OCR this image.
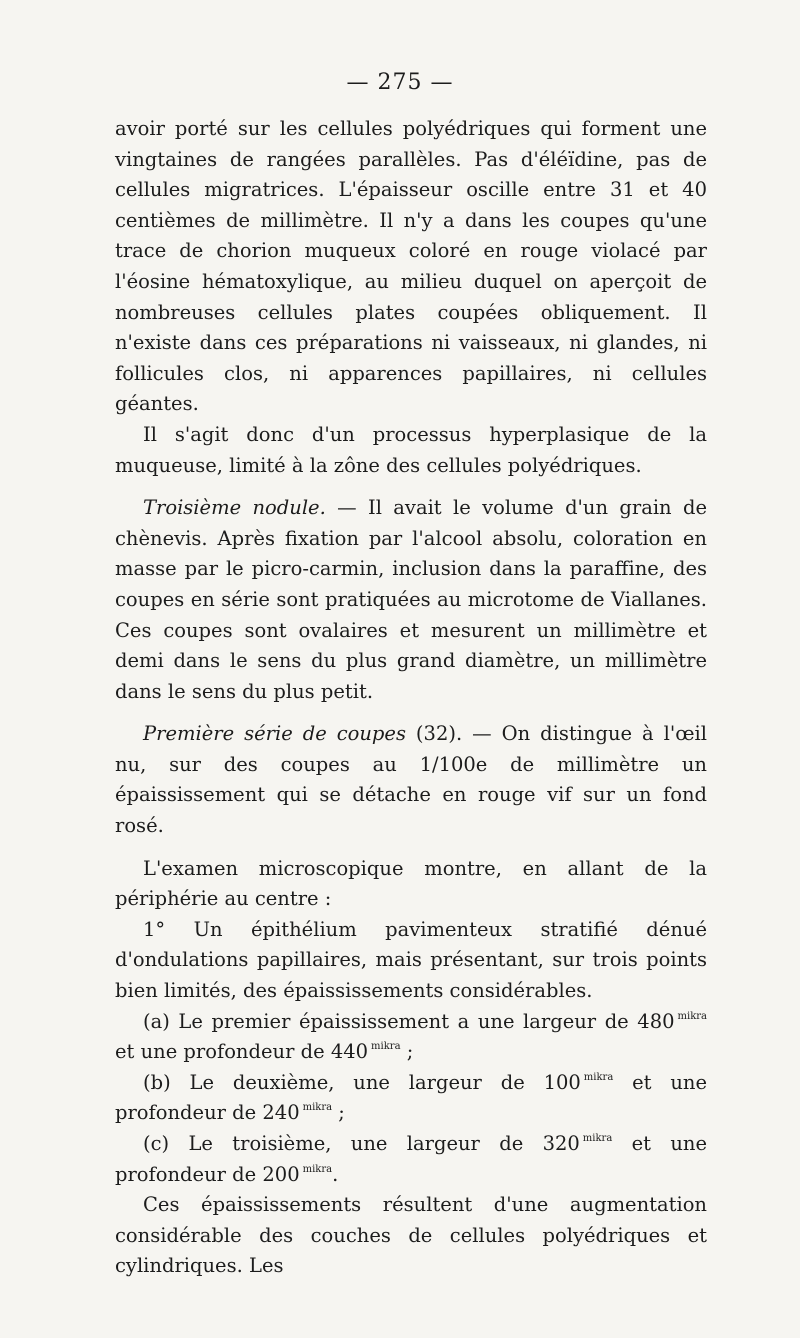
— 275 —

avoir porté sur les cellules polyédriques qui forment une vingtaines de rangées parallèles. Pas d'éléïdine, pas de cellules migratrices. L'épaisseur oscille entre 31 et 40 centièmes de millimètre. Il n'y a dans les coupes qu'une trace de chorion muqueux coloré en rouge violacé par l'éosine hématoxylique, au milieu duquel on aperçoit de nombreuses cellules plates coupées obliquement. Il n'existe dans ces préparations ni vaisseaux, ni glandes, ni follicules clos, ni apparences papillaires, ni cellules géantes.

Il s'agit donc d'un processus hyperplasique de la muqueuse, limité à la zône des cellules polyédriques.

Troisième nodule. — Il avait le volume d'un grain de chènevis. Après fixation par l'alcool absolu, coloration en masse par le picro-carmin, inclusion dans la paraffine, des coupes en série sont pratiquées au microtome de Viallanes. Ces coupes sont ovalaires et mesurent un millimètre et demi dans le sens du plus grand diamètre, un millimètre dans le sens du plus petit.

Première série de coupes (32). — On distingue à l'œil nu, sur des coupes au 1/100e de millimètre un épaississement qui se détache en rouge vif sur un fond rosé.

L'examen microscopique montre, en allant de la périphérie au centre :

1° Un épithélium pavimenteux stratifié dénué d'ondulations papillaires, mais présentant, sur trois points bien limités, des épaississements considérables.

(a) Le premier épaississement a une largeur de 480 $^{mikra}$ et une profondeur de 440 $^{mikra}$ ;

(b) Le deuxième, une largeur de 100 $^{mikra}$ et une profondeur de 240 $^{mikra}$ ;

(c) Le troisième, une largeur de 320 $^{mikra}$ et une profondeur de 200 $^{mikra}$.

Ces épaississements résultent d'une augmentation considérable des couches de cellules polyédriques et cylindriques. Les
